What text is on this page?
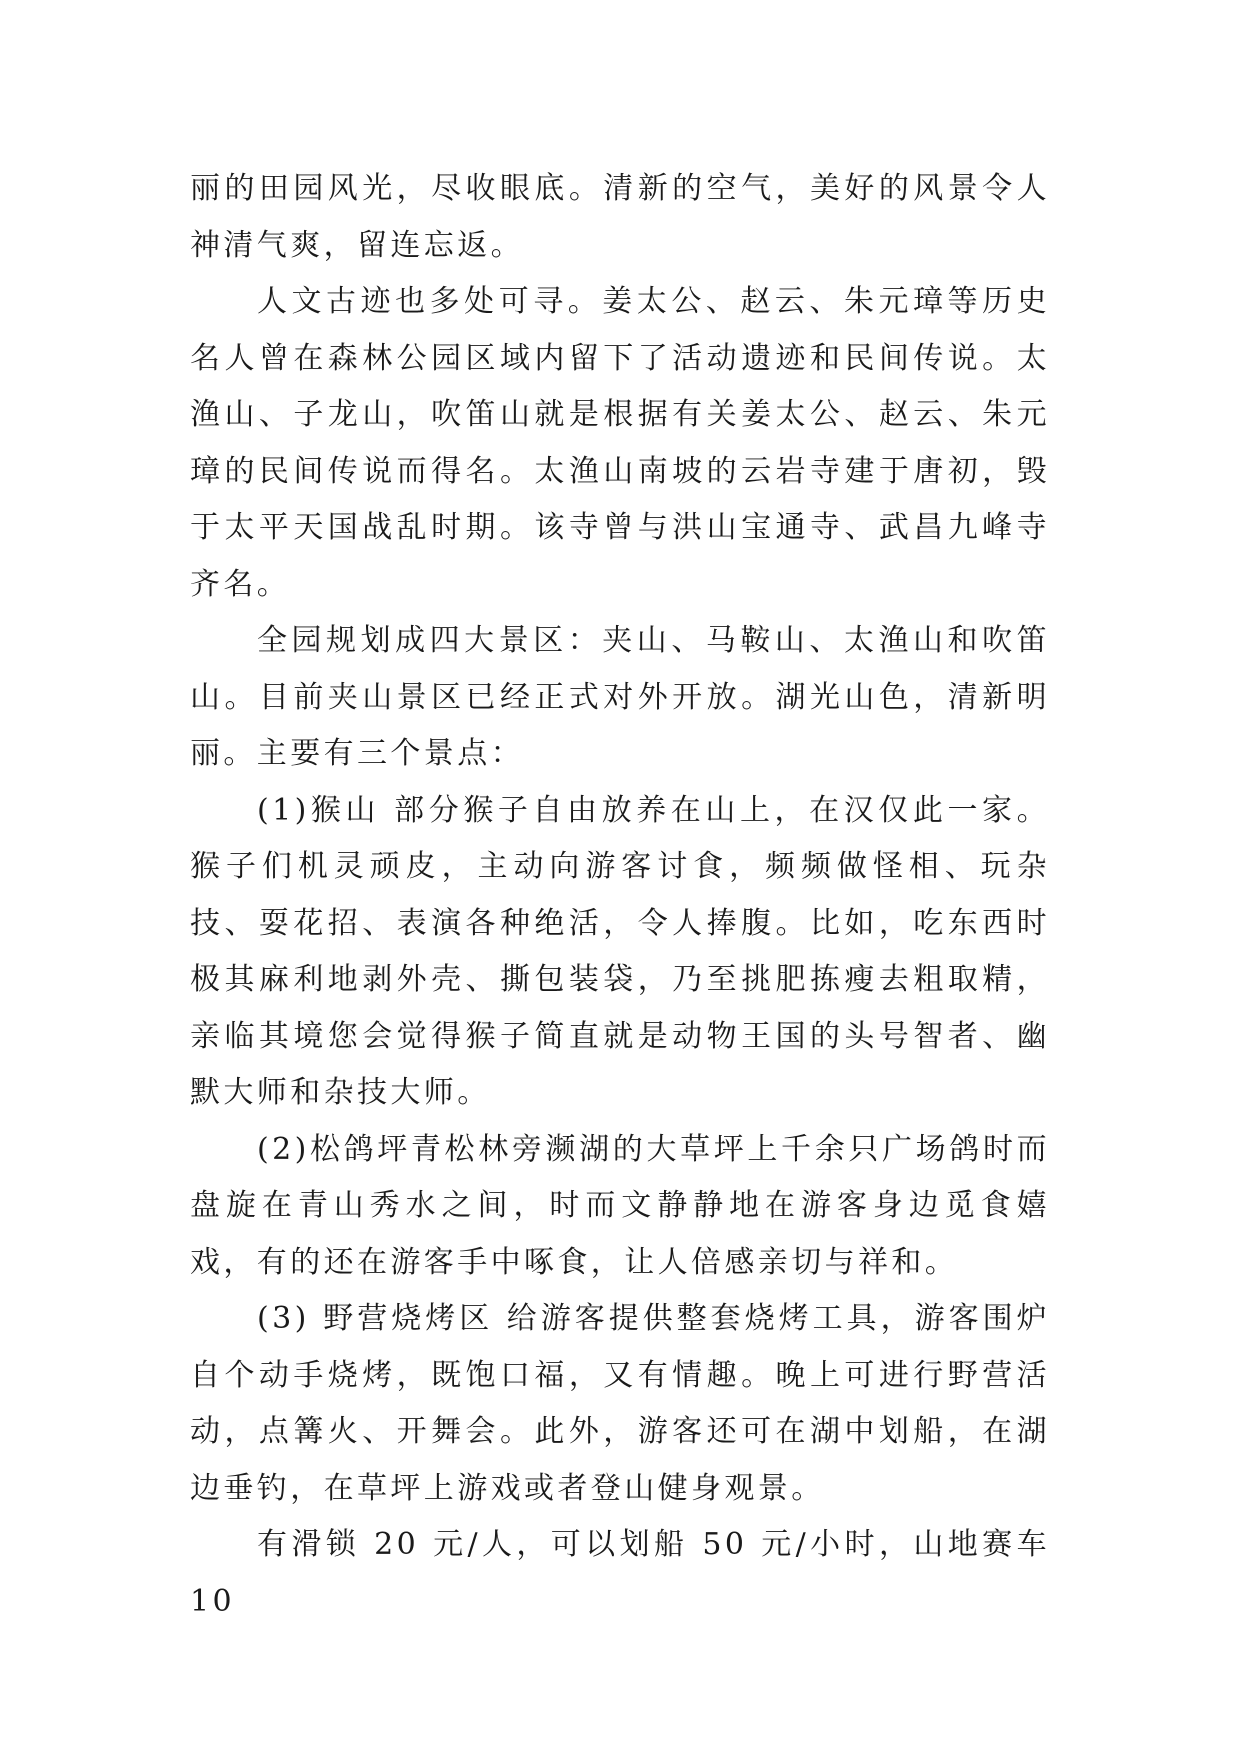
丽的田园风光，尽收眼底。清新的空气，美好的风景令人神清气爽，留连忘返。

人文古迹也多处可寻。姜太公、赵云、朱元璋等历史名人曾在森林公园区域内留下了活动遗迹和民间传说。太渔山、子龙山，吹笛山就是根据有关姜太公、赵云、朱元璋的民间传说而得名。太渔山南坡的云岩寺建于唐初，毁于太平天国战乱时期。该寺曾与洪山宝通寺、武昌九峰寺齐名。

全园规划成四大景区：夹山、马鞍山、太渔山和吹笛山。目前夹山景区已经正式对外开放。湖光山色，清新明丽。主要有三个景点：

(1)猴山 部分猴子自由放养在山上，在汉仅此一家。猴子们机灵顽皮，主动向游客讨食，频频做怪相、玩杂技、耍花招、表演各种绝活，令人捧腹。比如，吃东西时极其麻利地剥外壳、撕包装袋，乃至挑肥拣瘦去粗取精，亲临其境您会觉得猴子简直就是动物王国的头号智者、幽默大师和杂技大师。

(2)松鸽坪青松林旁濒湖的大草坪上千余只广场鸽时而盘旋在青山秀水之间，时而文静静地在游客身边觅食嬉戏，有的还在游客手中啄食，让人倍感亲切与祥和。

(3) 野营烧烤区 给游客提供整套烧烤工具，游客围炉自个动手烧烤，既饱口福，又有情趣。晚上可进行野营活动，点篝火、开舞会。此外，游客还可在湖中划船，在湖边垂钓，在草坪上游戏或者登山健身观景。

有滑锁 20 元/人，可以划船 50 元/小时，山地赛车 10
